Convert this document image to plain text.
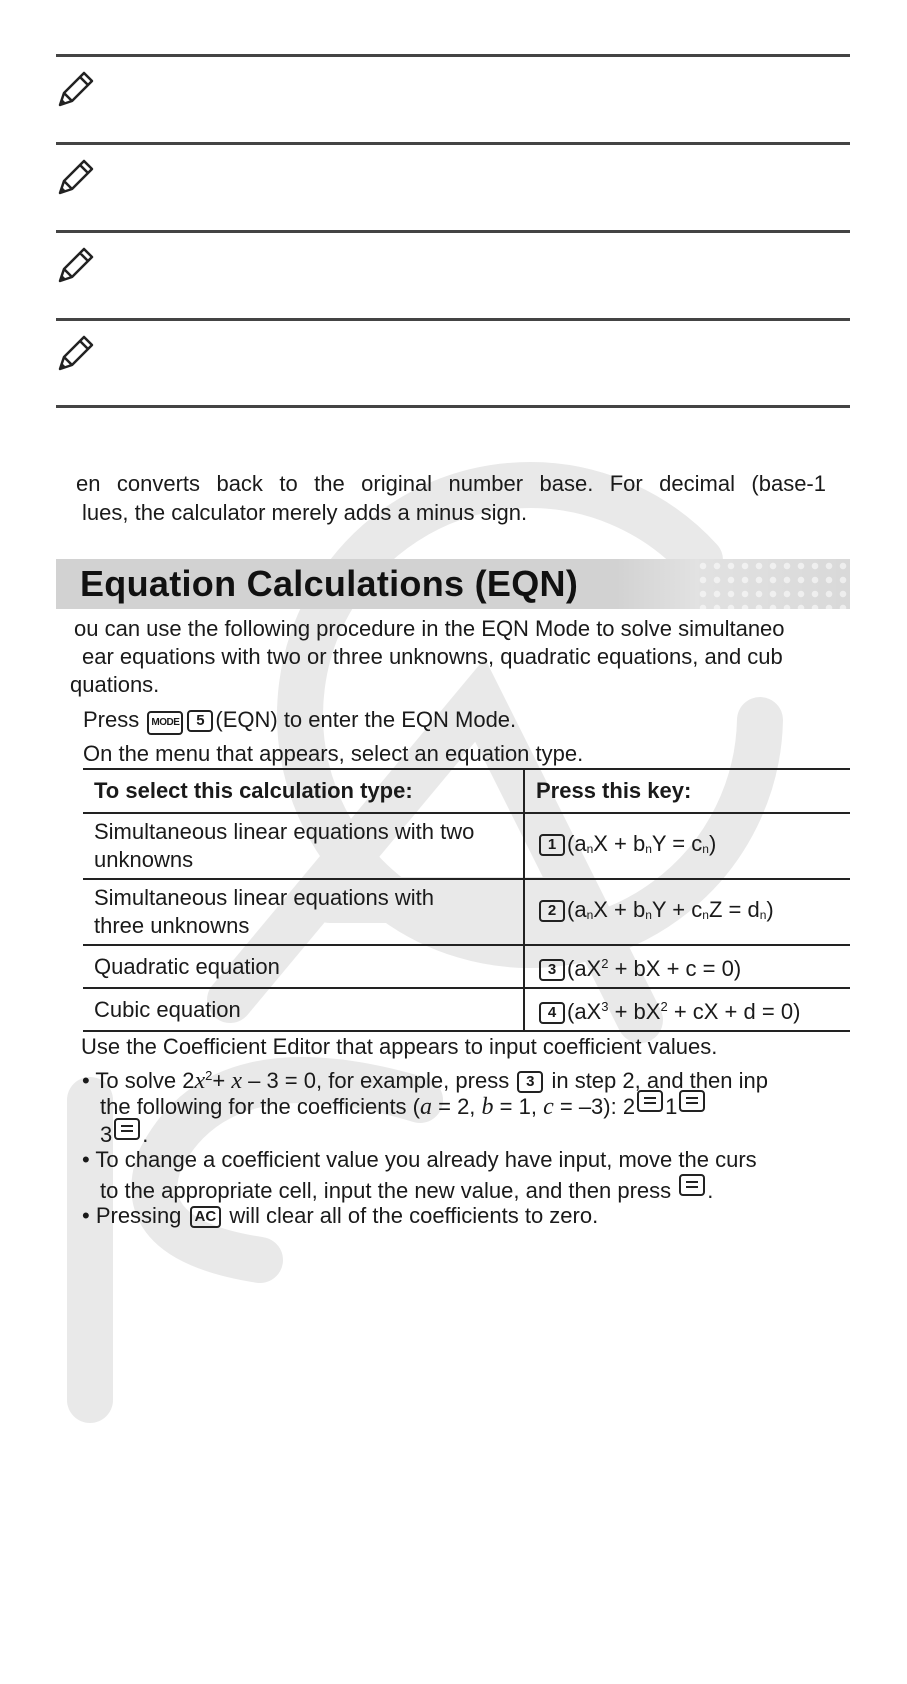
en converts back to the original number base. For decimal (base-1
lues, the calculator merely adds a minus sign.
Equation Calculations (EQN)
ou can use the following procedure in the EQN Mode to solve simultaneo
ear equations with two or three unknowns, quadratic equations, and cub
quations.
Press MODE 5 (EQN) to enter the EQN Mode.
On the menu that appears, select an equation type.
To select this calculation type:	Press this key:

Simultaneous linear equations with two
unknowns	1 (anX + bnY = cn)

Simultaneous linear equations with
three unknowns	2 (anX + bnY + cnZ = dn)
Quadratic equation	3 ($aX^2$ + bX + c = 0)
Cubic equation	4 ($aX^3 + bX^2$ + cX + d = 0)
Use the Coefficient Editor that appears to input coefficient values.
• To solve $2x^2+ x - 3 = 0$, for example, press 3 in step 2, and then inp
the following for the coefficients (a = 2, b = 1, c = –3): 2 1
3 .
• To change a coefficient value you already have input, move the curs
to the appropriate cell, input the new value, and then press .
• Pressing AC will clear all of the coefficients to zero.
